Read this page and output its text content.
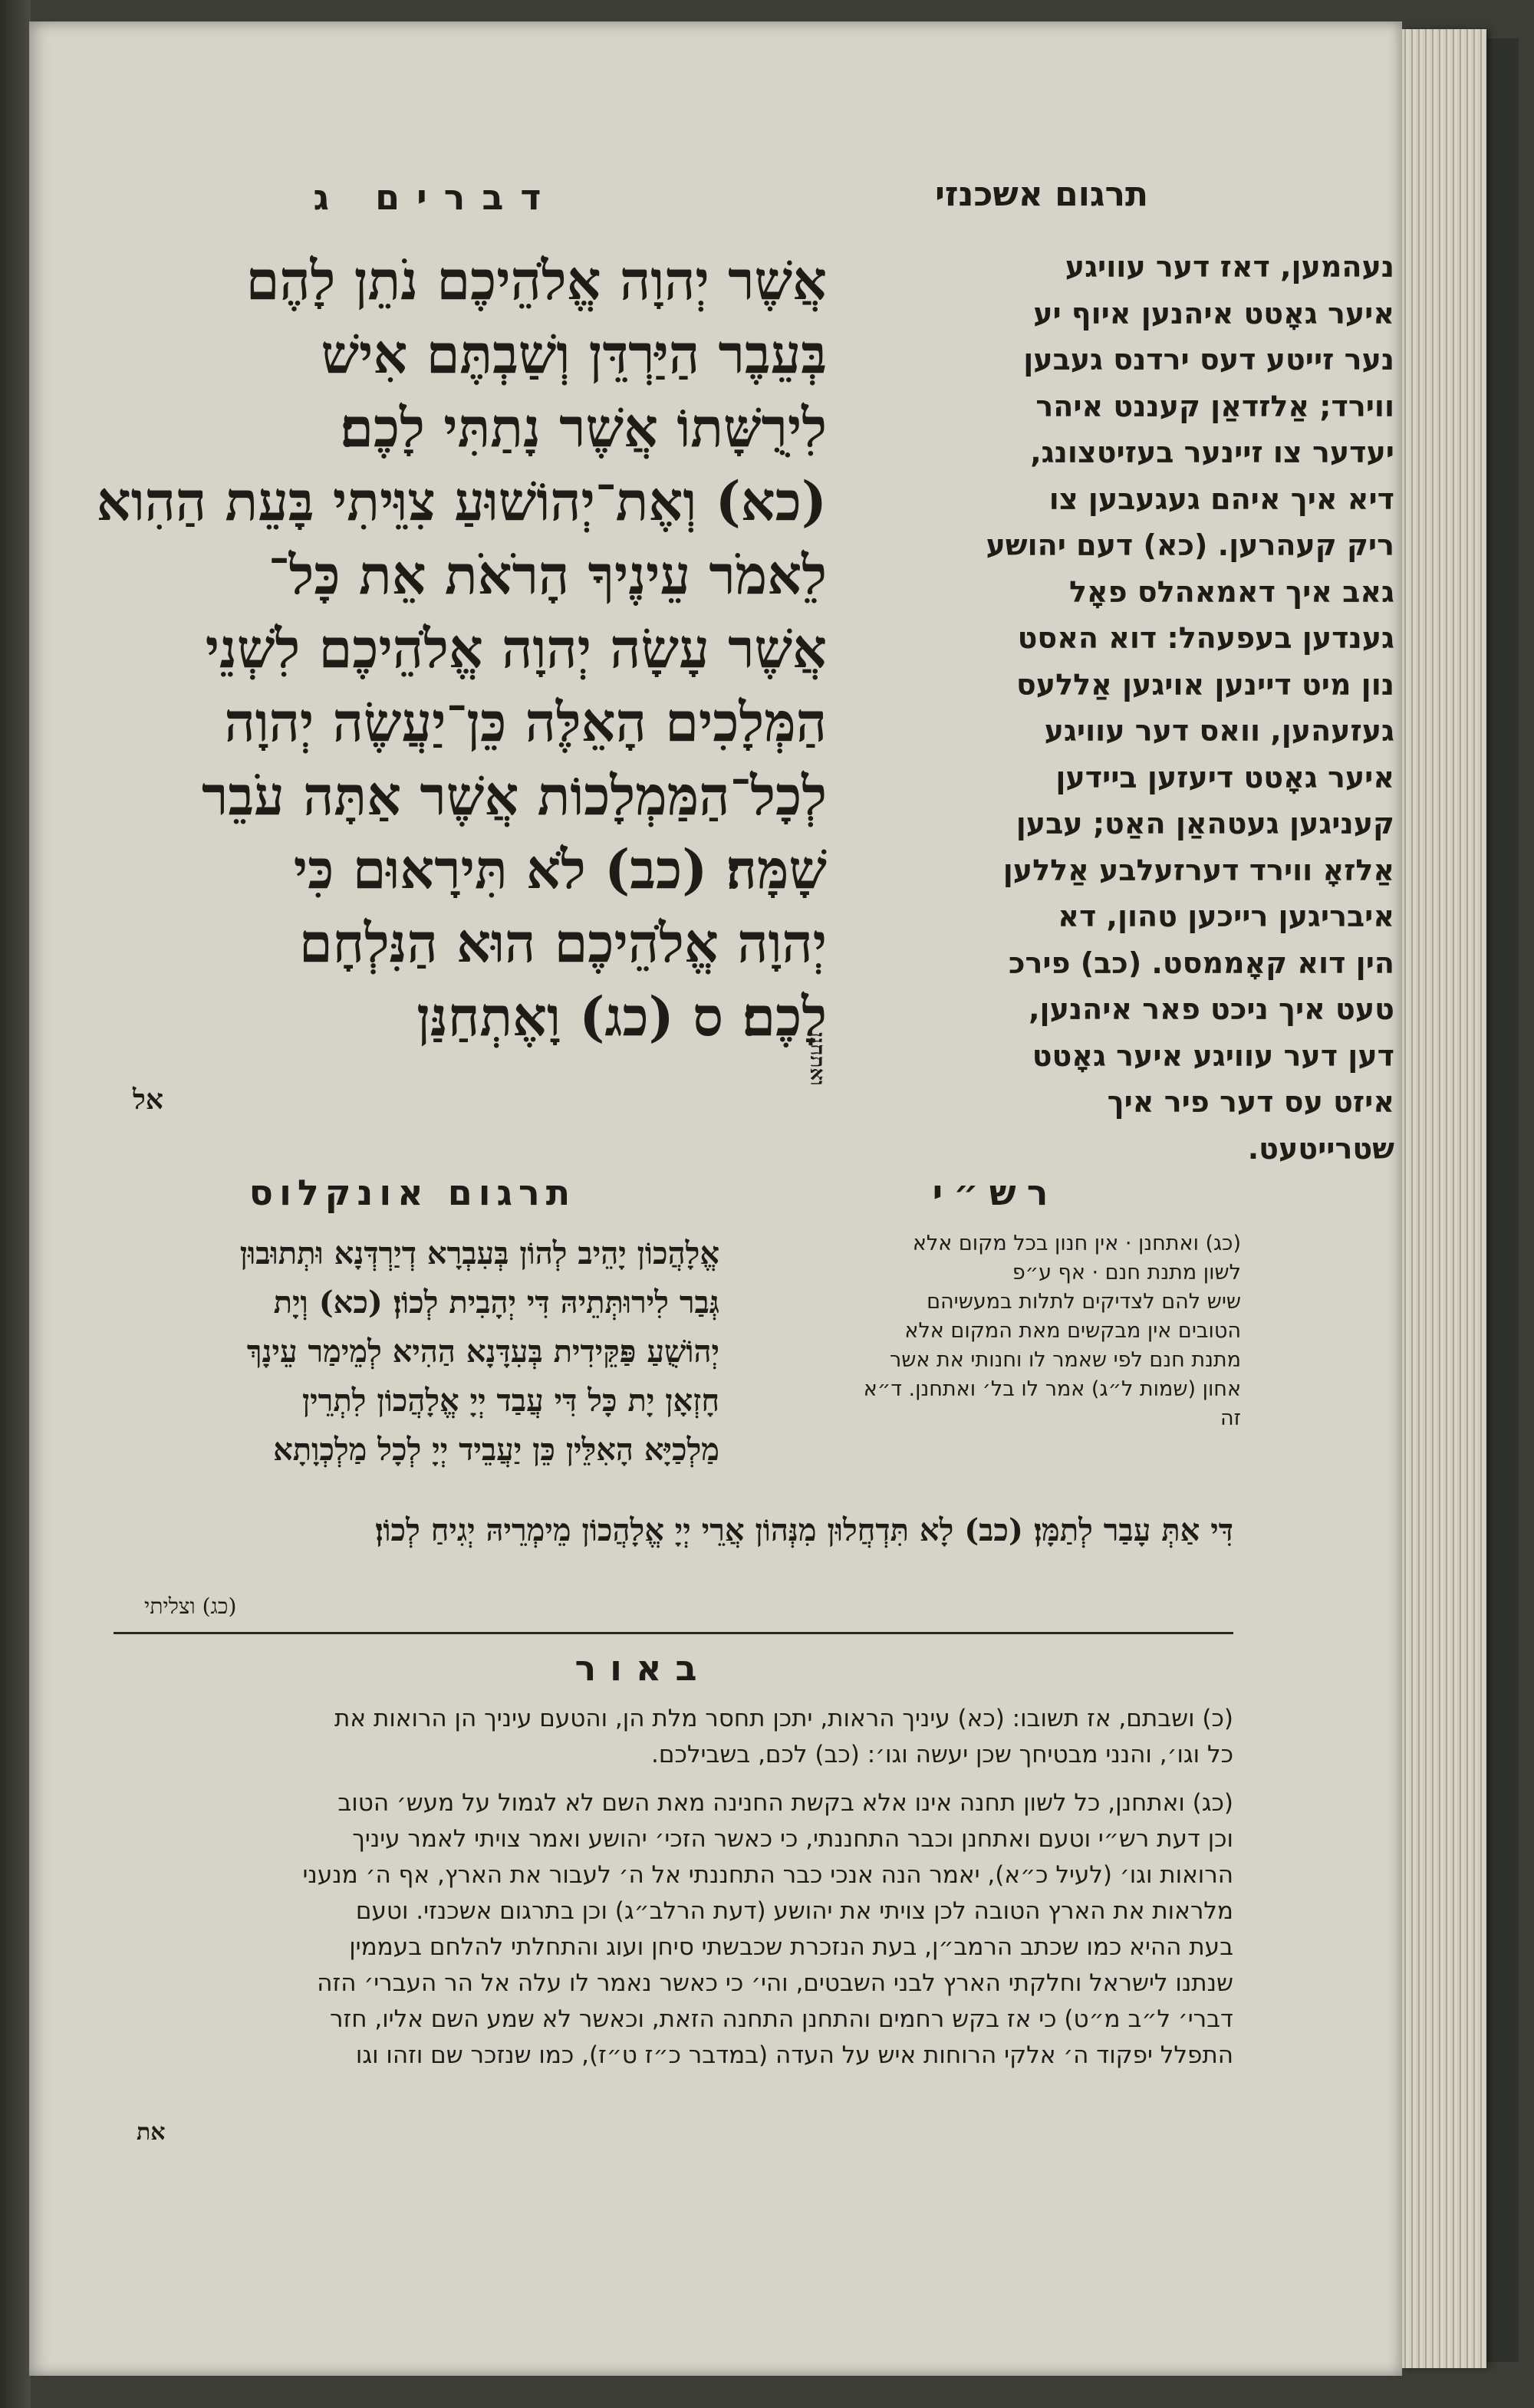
תרגום אשכנזי
דברים ג
אֲשֶׁר יְהוָה אֱלֹהֵיכֶם נֹתֵן לָהֶם
בְּעֵבֶר הַיַּרְדֵּן וְשַׁבְתֶּם אִישׁ
לִירֻשָּׁתוֹ אֲשֶׁר נָתַתִּי לָכֶם׃
(כא) וְאֶת־יְהוֹשׁוּעַ צִוֵּיתִי בָּעֵת הַהִוא
לֵאמֹר עֵינֶיךָ הָרֹאֹת אֵת כָּל־
אֲשֶׁר עָשָׂה יְהוָה אֱלֹהֵיכֶם לִשְׁנֵי
הַמְּלָכִים הָאֵלֶּה כֵּן־יַעֲשֶׂה יְהוָה
לְכָל־הַמַּמְלָכוֹת אֲשֶׁר אַתָּה עֹבֵר
שָׁמָּה׃ (כב) לֹא תִּירָאוּם כִּי
יְהוָה אֱלֹהֵיכֶם הוּא הַנִּלְחָם
לָכֶם׃ ס (כג) וָאֶתְחַנַּן
אל
ואתחנן
נעהמען, דאז דער עוויגע
איער גאָטט איהנען איוף יע
נער זייטע דעס ירדנס געבען
ווירד; אַלזדאַן קעננט איהר
יעדער צו זיינער בעזיטצונג,
דיא איך איהם געגעבען צו
ריק קעהרען. (כא) דעם יהושע
גאב איך דאמאהלס פאָל
גענדען בעפעהל: דוא האסט
נון מיט דיינען אויגען אַללעס
געזעהען, וואס דער עוויגע
איער גאָטט דיעזען ביידען
קעניגען געטהאַן האַט; עבען
אַלזאָ ווירד דערזעלבע אַללען
איבריגען רייכען טהון, דא
הין דוא קאָממסט. (כב) פירכ
טעט איך ניכט פאר איהנען,
דען דער עוויגע איער גאָטט
איזט עס דער פיר איך
שטרייטעט.
תרגום אונקלוס	רש״י
אֱלָהֲכוֹן יָהֵיב לְהוֹן בְּעִבְרָא דְיַרְדְּנָא וּתְתוּבוּן
גְּבַר לִירוּתְּתֵיהּ דִּי יְהָבִית לְכוֹן׃ (כא) וְיָת
יְהוֹשֻׁעַ פַּקֵּידִית בְּעִדָּנָא הַהִיא לְמֵימַר עֵינָךְ
חָזְאָן יָת כָּל דִּי עֲבַד יְיָ אֱלָהֲכוֹן לִתְרֵין
מַלְכַיָּא הָאִלֵּין כֵּן יַעֲבֵיד יְיָ לְכָל מַלְכְוָתָא
(כג) ואתחנן · אין חנון בכל מקום אלא
לשון מתנת חנם · אף ע״פ
שיש להם לצדיקים לתלות במעשיהם
הטובים אין מבקשים מאת המקום אלא
מתנת חנם לפי שאמר לו וחנותי את אשר
אחון (שמות ל״ג) אמר לו בל׳ ואתחנן. ד״א
זה
דִּי אַתְּ עָבַר לְתַמָּן׃ (כב) לָא תִּדְחֲלוּן מִנְּהוֹן אֲרֵי יְיָ אֱלָהֲכוֹן מֵימְרֵיהּ יְגִיחַ לְכוֹן׃
(כג) וצליתי
באור
(כ) ושבתם, אז תשובו: (כא) עיניך הראות, יתכן תחסר מלת הן, והטעם עיניך הן הרואות את
כל וגו׳, והנני מבטיחך שכן יעשה וגו׳: (כב) לכם, בשבילכם.
(כג) ואתחנן, כל לשון תחנה אינו אלא בקשת החנינה מאת השם לא לגמול על מעש׳ הטוב
וכן דעת רש״י וטעם ואתחנן וכבר התחננתי, כי כאשר הזכי׳ יהושע ואמר צויתי לאמר עיניך
הרואות וגו׳ (לעיל כ״א), יאמר הנה אנכי כבר התחננתי אל ה׳ לעבור את הארץ, אף ה׳ מנעני
מלראות את הארץ הטובה לכן צויתי את יהושע (דעת הרלב״ג) וכן בתרגום אשכנזי. וטעם
בעת ההיא כמו שכתב הרמב״ן, בעת הנזכרת שכבשתי סיחן ועוג והתחלתי להלחם בעממין
שנתנו לישראל וחלקתי הארץ לבני השבטים, והי׳ כי כאשר נאמר לו עלה אל הר העברי׳ הזה
דברי׳ ל״ב מ״ט) כי אז בקש רחמים והתחנן התחנה הזאת, וכאשר לא שמע השם אליו, חזר
התפלל יפקוד ה׳ אלקי הרוחות איש על העדה (במדבר כ״ז ט״ז), כמו שנזכר שם וזהו וגו
את
